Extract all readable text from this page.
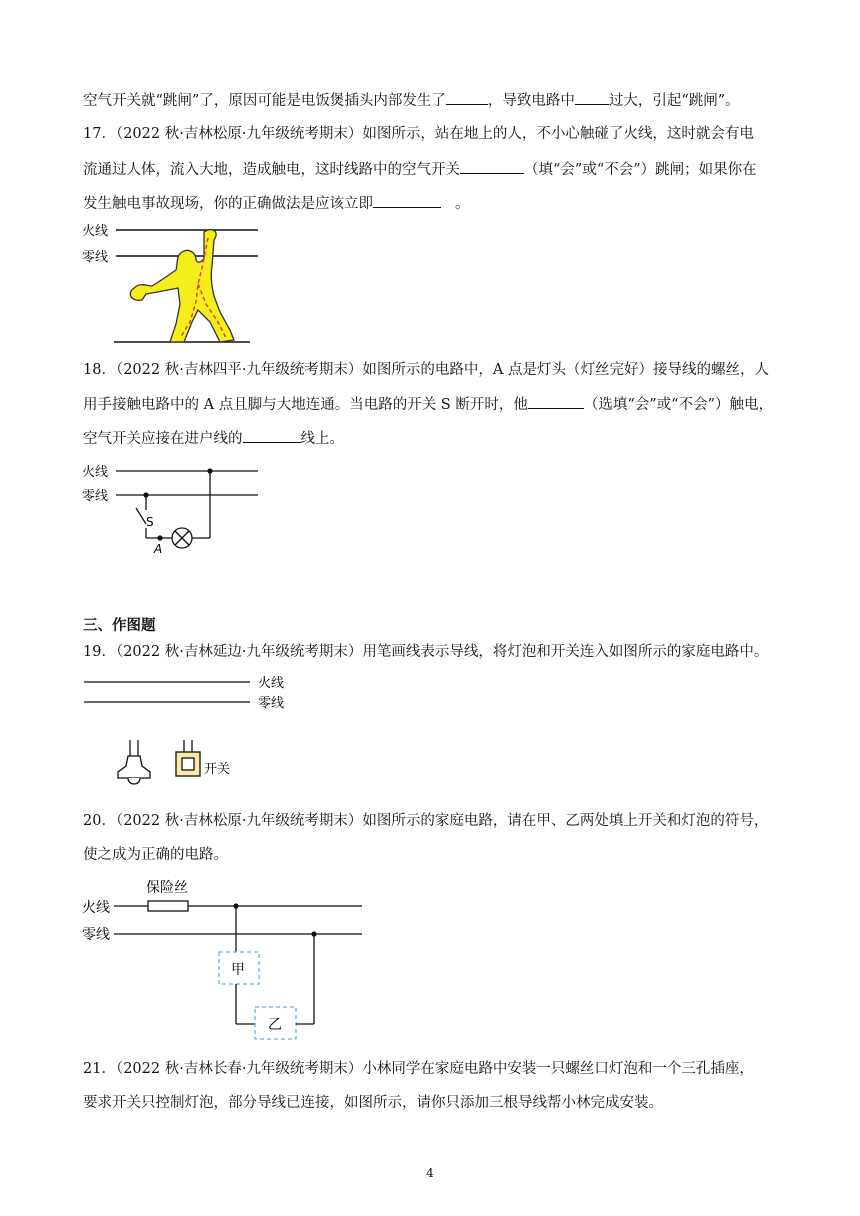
空气开关就“跳闸”了，原因可能是电饭煲插头内部发生了	，导致电路中 过大，引起“跳闸”。
17．（2022 秋·吉林松原·九年级统考期末）如图所示，站在地上的人，不小心触碰了火线，这时就会有电
流通过人体，流入大地，造成触电，这时线路中的空气开关	（填“会”或“不会”）跳闸；如果你在
发生触电事故现场，你的正确做法是应该立即	。
火线
零线
18．（2022 秋·吉林四平·九年级统考期末）如图所示的电路中，A 点是灯头（灯丝完好）接导线的螺丝，人
用手接触电路中的 A 点且脚与大地连通。当电路的开关 S 断开时，他	（选填“会”或“不会”）触电，
空气开关应接在进户线的	线上。
火线
零线
S
A
三、作图题
19．（2022 秋·吉林延边·九年级统考期末）用笔画线表示导线，将灯泡和开关连入如图所示的家庭电路中。
火线
零线
开关
20．（2022 秋·吉林松原·九年级统考期末）如图所示的家庭电路，请在甲、乙两处填上开关和灯泡的符号，
使之成为正确的电路。
保险丝
火线
零线
甲
乙
21．（2022 秋·吉林长春·九年级统考期末）小林同学在家庭电路中安装一只螺丝口灯泡和一个三孔插座，
要求开关只控制灯泡，部分导线已连接，如图所示，请你只添加三根导线帮小林完成安装。
4
